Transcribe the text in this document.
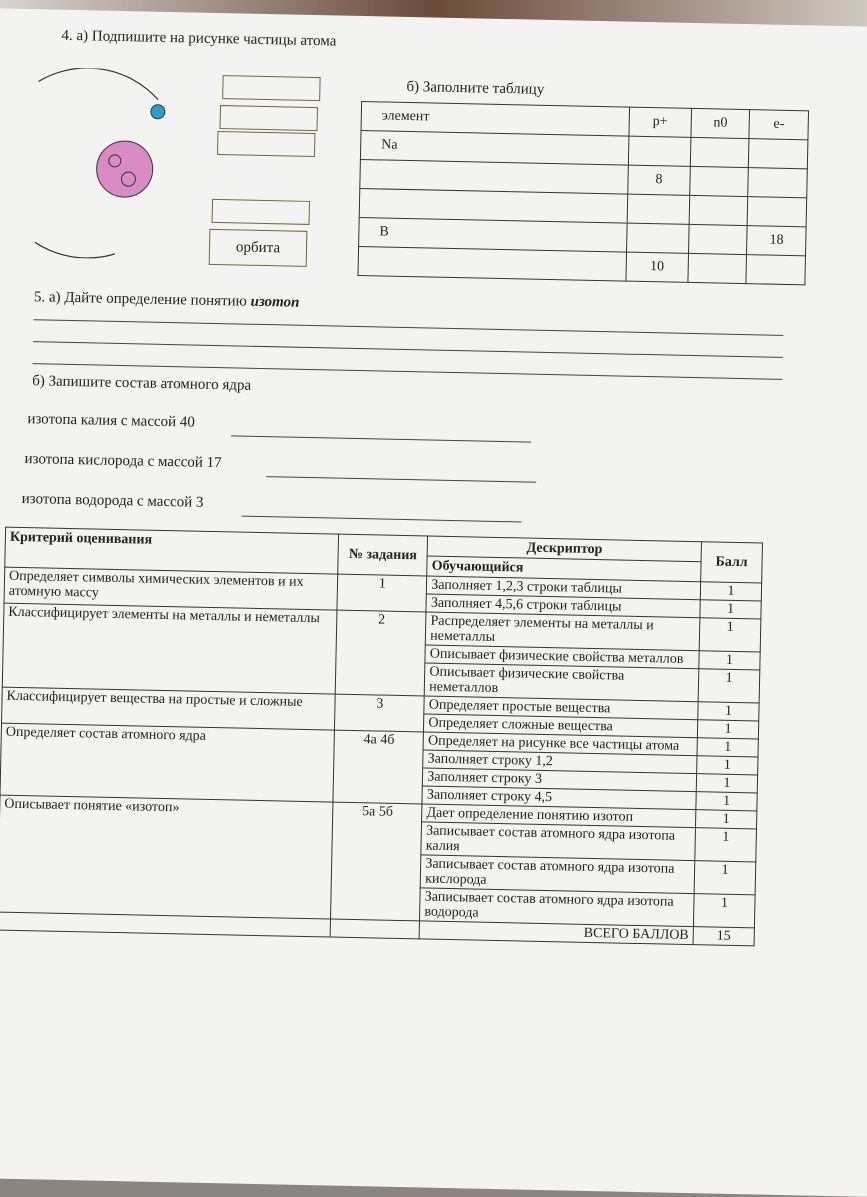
4. а) Подпишите на рисунке частицы атома
б) Заполните таблицу
орбита
элемент	p+	n0	e-
Na			
	8		

B			18
	10		
5. а) Дайте определение понятию изотоп
б) Запишите состав атомного ядра
изотопа калия с массой 40
изотопа кислорода с массой 17
изотопа водорода с массой 3
Критерий оценивания	№ задания	Дескриптор	Балл
		Обучающийся	
Определяет символы химических элементов и их атомную массу	1	Заполняет 1,2,3 строки таблицы	1
		Заполняет 4,5,6 строки таблицы	1
Классифицирует элементы на металлы и неметаллы	2	Распределяет элементы на металлы и неметаллы	1
		Описывает физические свойства металлов	1
		Описывает физические свойства неметаллов	1
Классифицирует вещества на простые и сложные	3	Определяет простые вещества	1
		Определяет сложные вещества	1
Определяет состав атомного ядра	4а 4б	Определяет на рисунке все частицы атома	1
		Заполняет строку 1,2	1
		Заполняет строку 3	1
		Заполняет строку 4,5	1
Описывает понятие «изотоп»	5а 5б	Дает определение понятию изотоп	1
		Записывает состав атомного ядра изотопа калия	1
		Записывает состав атомного ядра изотопа кислорода	1
		Записывает состав атомного ядра изотопа водорода	1
		ВСЕГО БАЛЛОВ	15
